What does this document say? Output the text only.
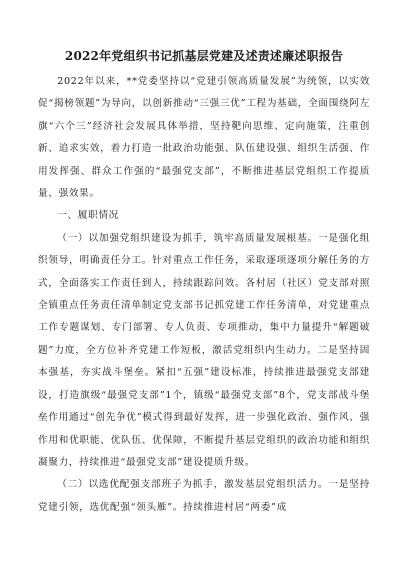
2022年党组织书记抓基层党建及述责述廉述职报告

2022年以来，**党委坚持以“党建引领高质量发展”为统领，以实效促“揭榜领题”为导向，以创新推动“三强三优”工程为基础，全面围绕阿左旗“六个三”经济社会发展具体举措，坚持靶向思维、定向施策，注重创新、追求实效，着力打造一批政治功能强、队伍建设强、组织生活强、作用发挥强、群众工作强的“最强党支部”，不断推进基层党组织工作提质量、强效果。

一、履职情况

（一）以加强党组织建设为抓手，筑牢高质量发展根基。一是强化组织领导，明确责任分工。针对重点工作任务，采取逐项逐项分解任务的方式，全面落实工作责任到人，持续跟踪问效。各村居（社区）党支部对照全镇重点任务责任清单制定党支部书记抓党建工作任务清单，对党建重点工作专题谋划、专门部署、专人负责、专项推动，集中力量提升“解题破题”力度，全方位补齐党建工作短板，激活党组织内生动力。二是坚持固本强基，夯实战斗堡垒。紧扣“五强”建设标准，持续推进最强党支部建设，打造旗级“最强党支部”1个，镇级“最强党支部”8个，党支部战斗堡垒作用通过“创先争优”模式得到最好发挥，进一步强化政治、强作风、强作用和优职能、优队伍、优保障，不断提升基层党组织的政治功能和组织凝聚力，持续推进“最强党支部”建设提质升级。

（二）以选优配强支部班子为抓手，激发基层党组织活力。一是坚持党建引领，选优配强“领头雁”。持续推进村居“两委”成
